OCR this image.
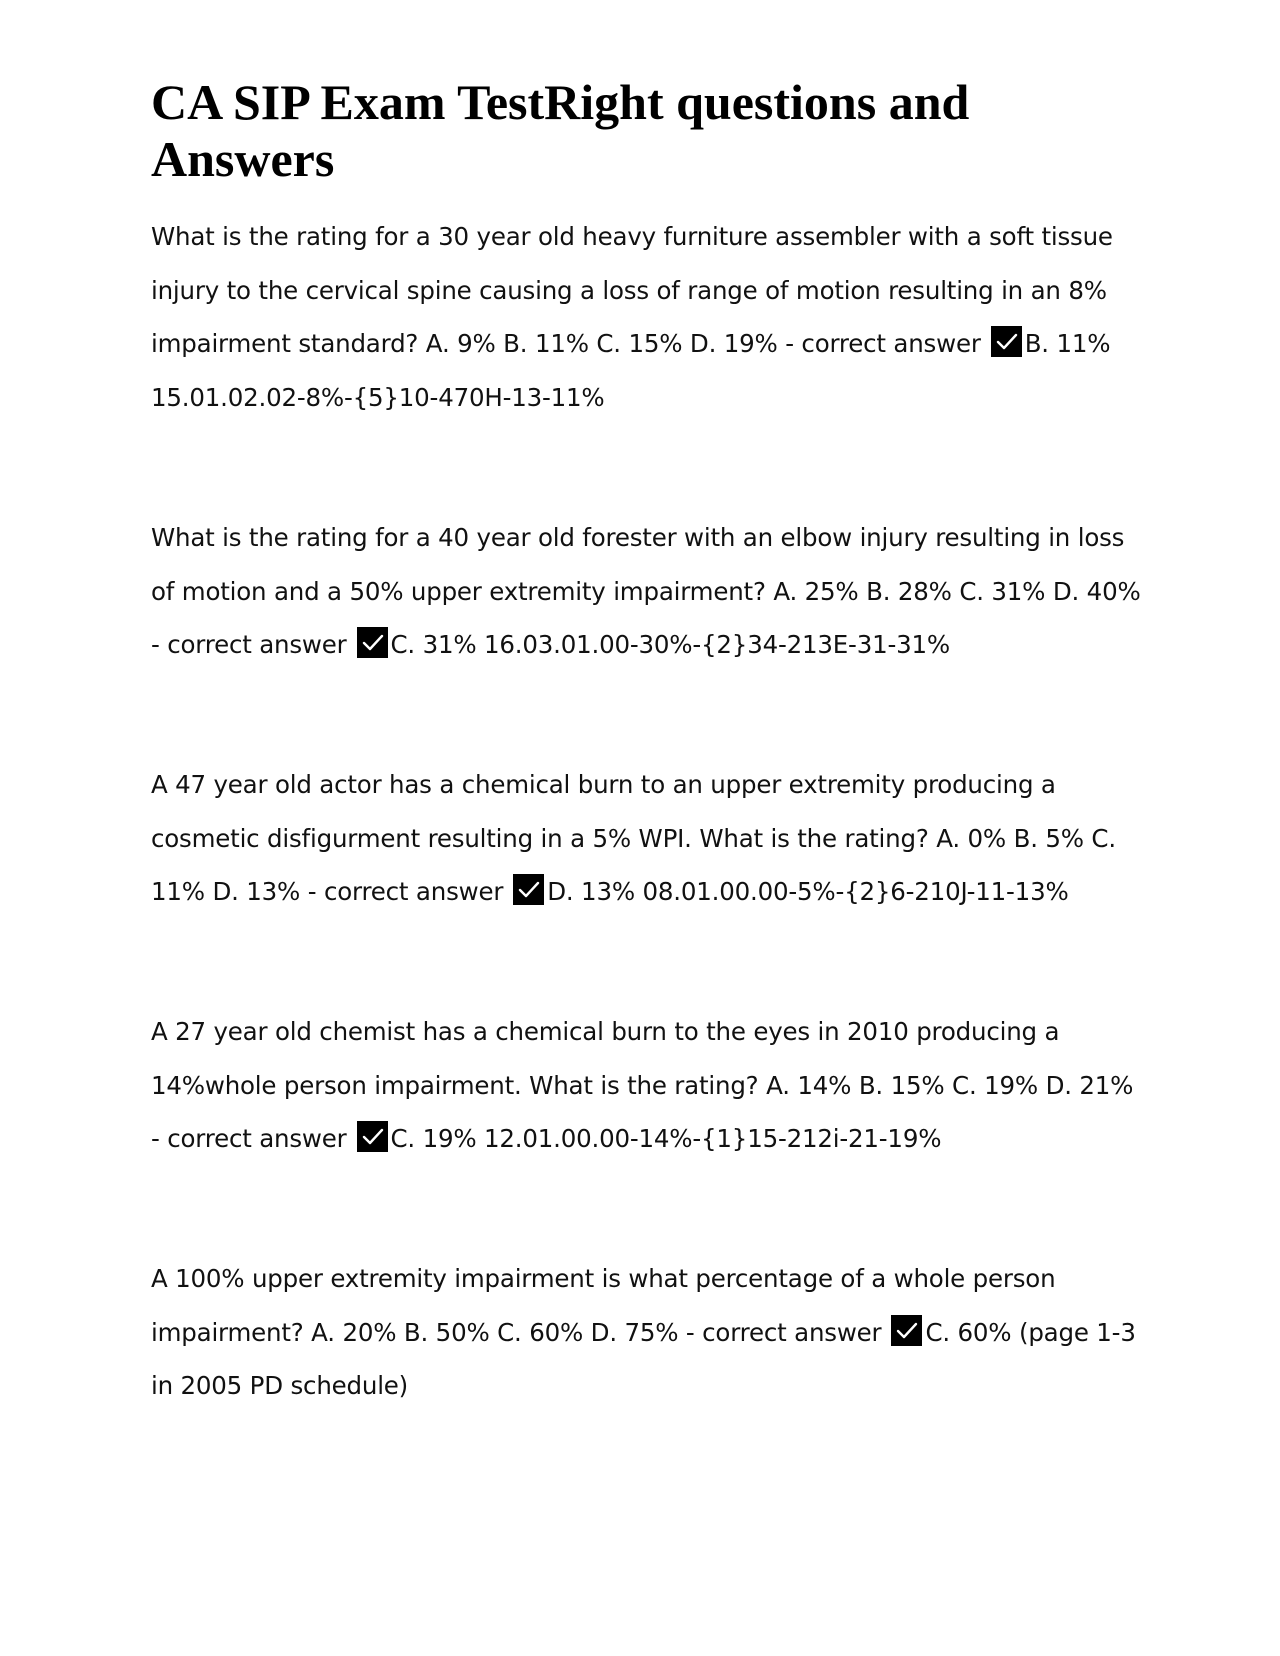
CA SIP Exam TestRight questions and Answers

What is the rating for a 30 year old heavy furniture assembler with a soft tissue injury to the cervical spine causing a loss of range of motion resulting in an 8% impairment standard? A. 9% B. 11% C. 15% D. 19% - correct answer B. 11% 15.01.02.02-8%-{5}10-470H-13-11%

What is the rating for a 40 year old forester with an elbow injury resulting in loss of motion and a 50% upper extremity impairment? A. 25% B. 28% C. 31% D. 40% - correct answer C. 31% 16.03.01.00-30%-{2}34-213E-31-31%

A 47 year old actor has a chemical burn to an upper extremity producing a cosmetic disfigurment resulting in a 5% WPI. What is the rating? A. 0% B. 5% C. 11% D. 13% - correct answer D. 13% 08.01.00.00-5%-{2}6-210J-11-13%

A 27 year old chemist has a chemical burn to the eyes in 2010 producing a 14%whole person impairment. What is the rating? A. 14% B. 15% C. 19% D. 21% - correct answer C. 19% 12.01.00.00-14%-{1}15-212i-21-19%

A 100% upper extremity impairment is what percentage of a whole person impairment? A. 20% B. 50% C. 60% D. 75% - correct answer C. 60% (page 1-3 in 2005 PD schedule)
